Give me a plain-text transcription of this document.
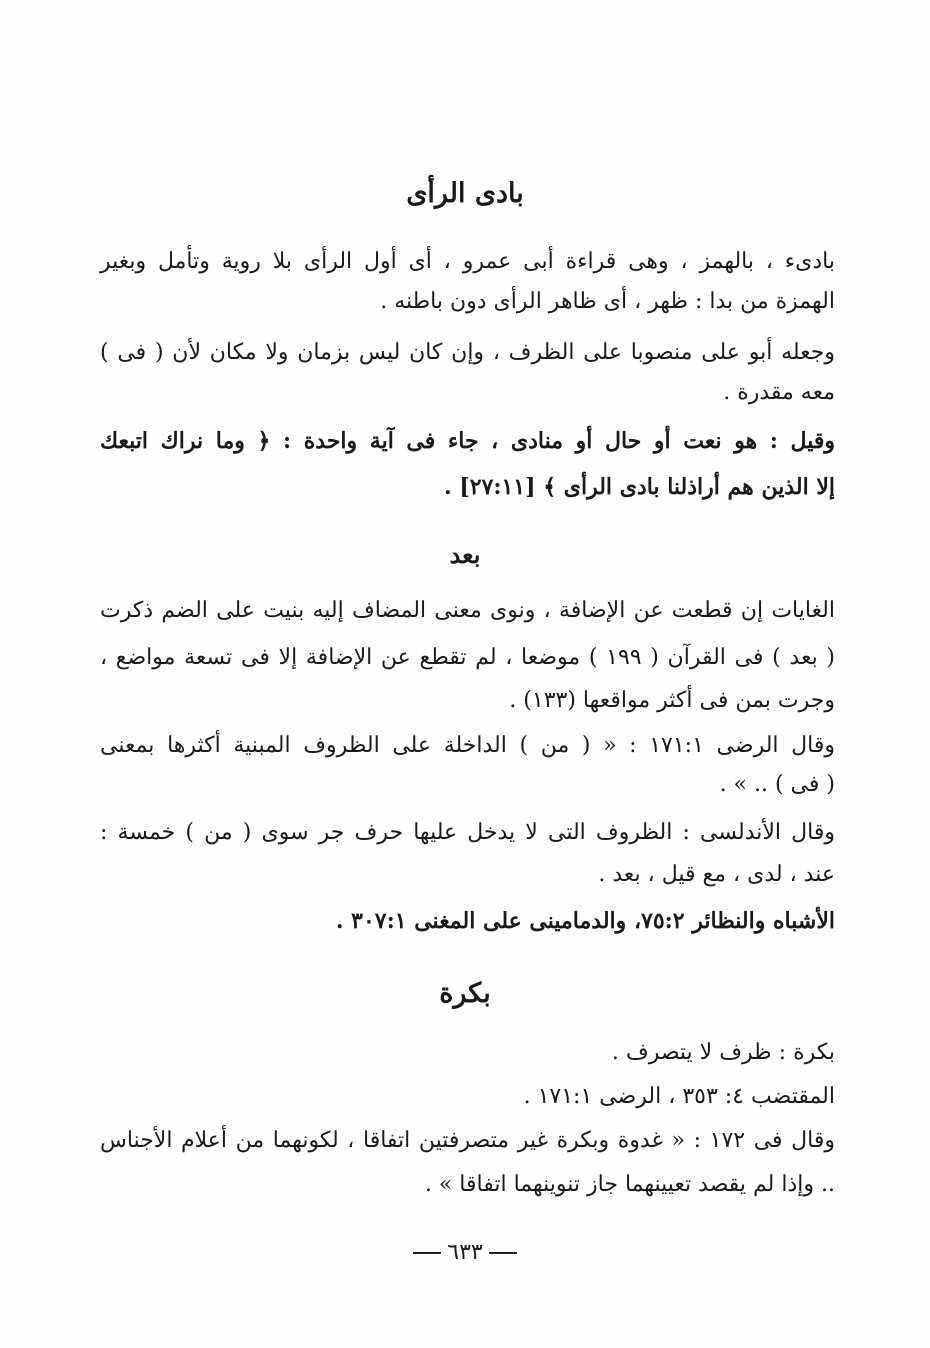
بادى الرأى
بادىء ، بالهمز ، وهى قراءة أبى عمرو ، أى أول الرأى بلا روية وتأمل وبغير
الهمزة من بدا : ظهر ، أى ظاهر الرأى دون باطنه .
وجعله أبو على منصوبا على الظرف ، وإن كان ليس بزمان ولا مكان لأن ( فى )
معه مقدرة .
وقيل : هو نعت أو حال أو منادى ، جاء فى آية واحدة : ﴿ وما نراك اتبعك
إلا الذين هم أراذلنا بادى الرأى ﴾ [٢٧:١١] .
بعد
الغايات إن قطعت عن الإضافة ، ونوى معنى المضاف إليه بنيت على الضم ذكرت
( بعد ) فى القرآن ( ١٩٩ ) موضعا ، لم تقطع عن الإضافة إلا فى تسعة مواضع ،
وجرت بمن فى أكثر مواقعها (١٣٣) .
وقال الرضى ١٧١:١ : « ( من ) الداخلة على الظروف المبنية أكثرها بمعنى
( فى ) .. » .
وقال الأندلسى : الظروف التى لا يدخل عليها حرف جر سوى ( من ) خمسة :
عند ، لدى ، مع قيل ، بعد .
الأشباه والنظائر ٧٥:٢، والدمامينى على المغنى ٣٠٧:١ .
بكرة
بكرة : ظرف لا يتصرف .
المقتضب ٤: ٣٥٣ ، الرضى ١٧١:١ .
وقال فى ١٧٢ : « غدوة وبكرة غير متصرفتين اتفاقا ، لكونهما من أعلام الأجناس
.. وإذا لم يقصد تعيينهما جاز تنوينهما اتفاقا » .
٦٣٣
